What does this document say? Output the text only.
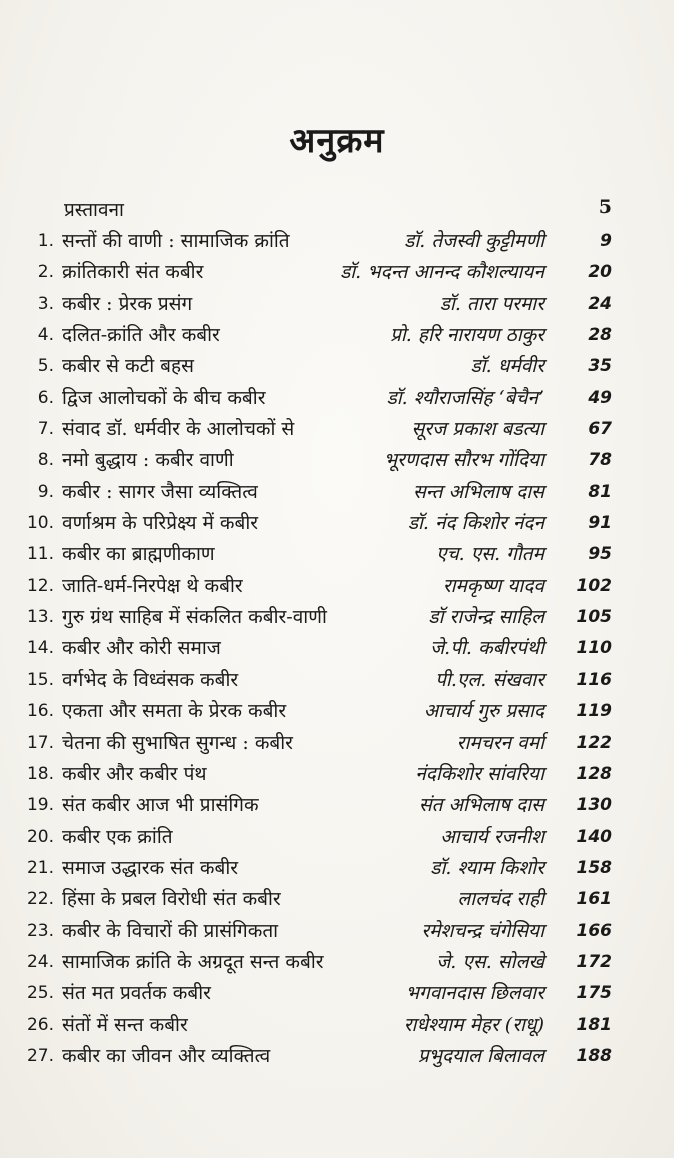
अनुक्रम
प्रस्तावना	5
1. सन्तों की वाणी : सामाजिक क्रांति	डॉ. तेजस्वी कुट्टीमणी	9
2. क्रांतिकारी संत कबीर	डॉ. भदन्त आनन्द कौशल्यायन	20
3. कबीर : प्रेरक प्रसंग	डॉ. तारा परमार	24
4. दलित-क्रांति और कबीर	प्रो. हरि नारायण ठाकुर	28
5. कबीर से कटी बहस	डॉ. धर्मवीर	35
6. द्विज आलोचकों के बीच कबीर	डॉ. श्यौराजसिंह ‘बेचैन’	49
7. संवाद डॉ. धर्मवीर के आलोचकों से	सूरज प्रकाश बडत्या	67
8. नमो बुद्धाय : कबीर वाणी	भूरणदास सौरभ गोंदिया	78
9. कबीर : सागर जैसा व्यक्तित्व	सन्त अभिलाष दास	81
10. वर्णाश्रम के परिप्रेक्ष्य में कबीर	डॉ. नंद किशोर नंदन	91
11. कबीर का ब्राह्मणीकाण	एच. एस. गौतम	95
12. जाति-धर्म-निरपेक्ष थे कबीर	रामकृष्ण यादव	102
13. गुरु ग्रंथ साहिब में संकलित कबीर-वाणी	डॉ राजेन्द्र साहिल	105
14. कबीर और कोरी समाज	जे.पी. कबीरपंथी	110
15. वर्गभेद के विध्वंसक कबीर	पी.एल. संखवार	116
16. एकता और समता के प्रेरक कबीर	आचार्य गुरु प्रसाद	119
17. चेतना की सुभाषित सुगन्ध : कबीर	रामचरन वर्मा	122
18. कबीर और कबीर पंथ	नंदकिशोर सांवरिया	128
19. संत कबीर आज भी प्रासंगिक	संत अभिलाष दास	130
20. कबीर एक क्रांति	आचार्य रजनीश	140
21. समाज उद्धारक संत कबीर	डॉ. श्याम किशोर	158
22. हिंसा के प्रबल विरोधी संत कबीर	लालचंद राही	161
23. कबीर के विचारों की प्रासंगिकता	रमेशचन्द्र चंगेसिया	166
24. सामाजिक क्रांति के अग्रदूत सन्त कबीर	जे. एस. सोलखे	172
25. संत मत प्रवर्तक कबीर	भगवानदास छिलवार	175
26. संतों में सन्त कबीर	राधेश्याम मेहर (राधू)	181
27. कबीर का जीवन और व्यक्तित्व	प्रभुदयाल बिलावल	188
